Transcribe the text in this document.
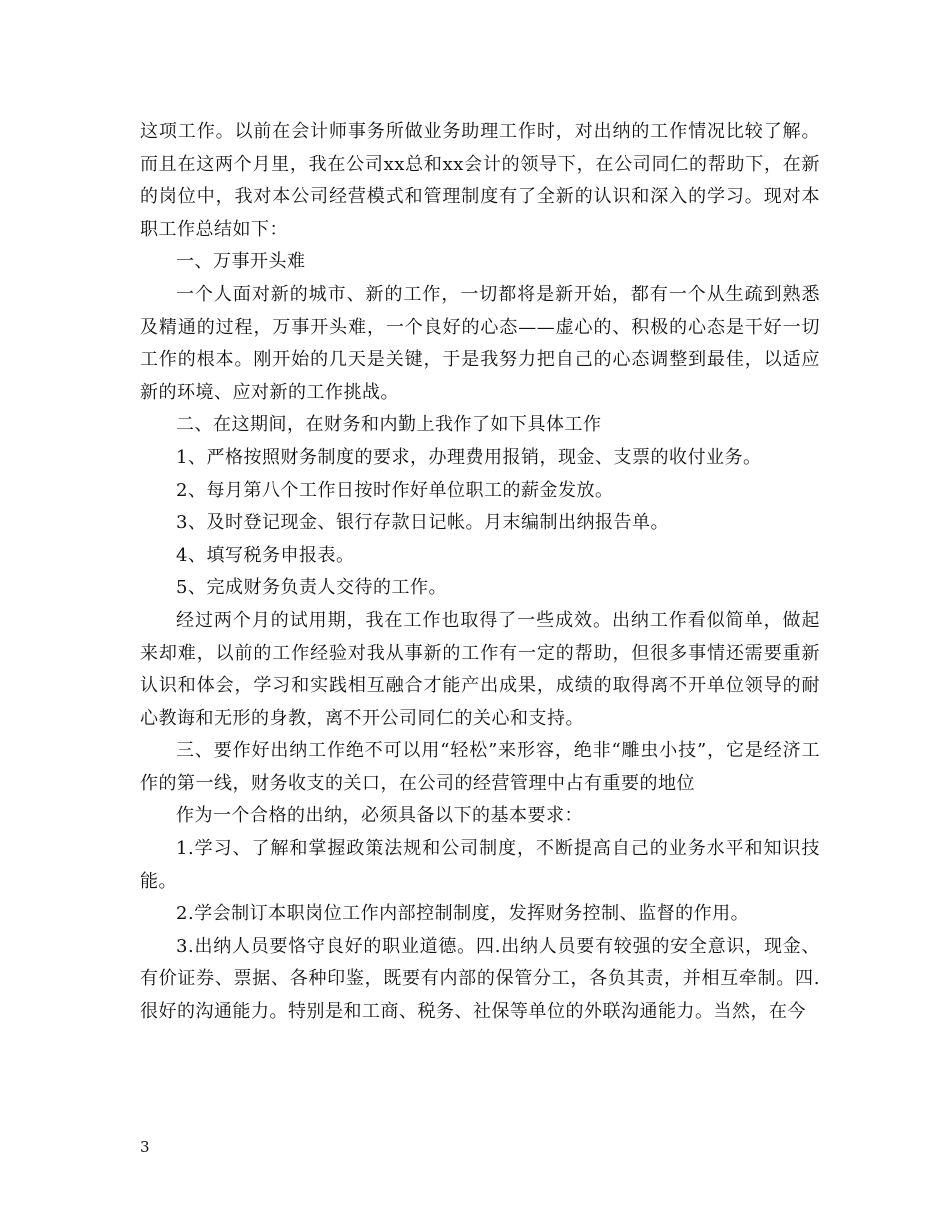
这项工作。以前在会计师事务所做业务助理工作时，对出纳的工作情况比较了解。而且在这两个月里，我在公司xx总和xx会计的领导下，在公司同仁的帮助下，在新的岗位中，我对本公司经营模式和管理制度有了全新的认识和深入的学习。现对本职工作总结如下：

一、万事开头难

一个人面对新的城市、新的工作，一切都将是新开始，都有一个从生疏到熟悉及精通的过程，万事开头难，一个良好的心态——虚心的、积极的心态是干好一切工作的根本。刚开始的几天是关键，于是我努力把自己的心态调整到最佳，以适应新的环境、应对新的工作挑战。

二、在这期间，在财务和内勤上我作了如下具体工作

1、严格按照财务制度的要求，办理费用报销，现金、支票的收付业务。

2、每月第八个工作日按时作好单位职工的薪金发放。

3、及时登记现金、银行存款日记帐。月末编制出纳报告单。

4、填写税务申报表。

5、完成财务负责人交待的工作。

经过两个月的试用期，我在工作也取得了一些成效。出纳工作看似简单，做起来却难，以前的工作经验对我从事新的工作有一定的帮助，但很多事情还需要重新认识和体会，学习和实践相互融合才能产出成果，成绩的取得离不开单位领导的耐心教诲和无形的身教，离不开公司同仁的关心和支持。

三、要作好出纳工作绝不可以用“轻松”来形容，绝非“雕虫小技”，它是经济工作的第一线，财务收支的关口，在公司的经营管理中占有重要的地位

作为一个合格的出纳，必须具备以下的基本要求：

1.学习、了解和掌握政策法规和公司制度，不断提高自己的业务水平和知识技能。

2.学会制订本职岗位工作内部控制制度，发挥财务控制、监督的作用。

3.出纳人员要恪守良好的职业道德。四.出纳人员要有较强的安全意识，现金、有价证券、票据、各种印鉴，既要有内部的保管分工，各负其责，并相互牵制。四.很好的沟通能力。特别是和工商、税务、社保等单位的外联沟通能力。当然，在今

3
